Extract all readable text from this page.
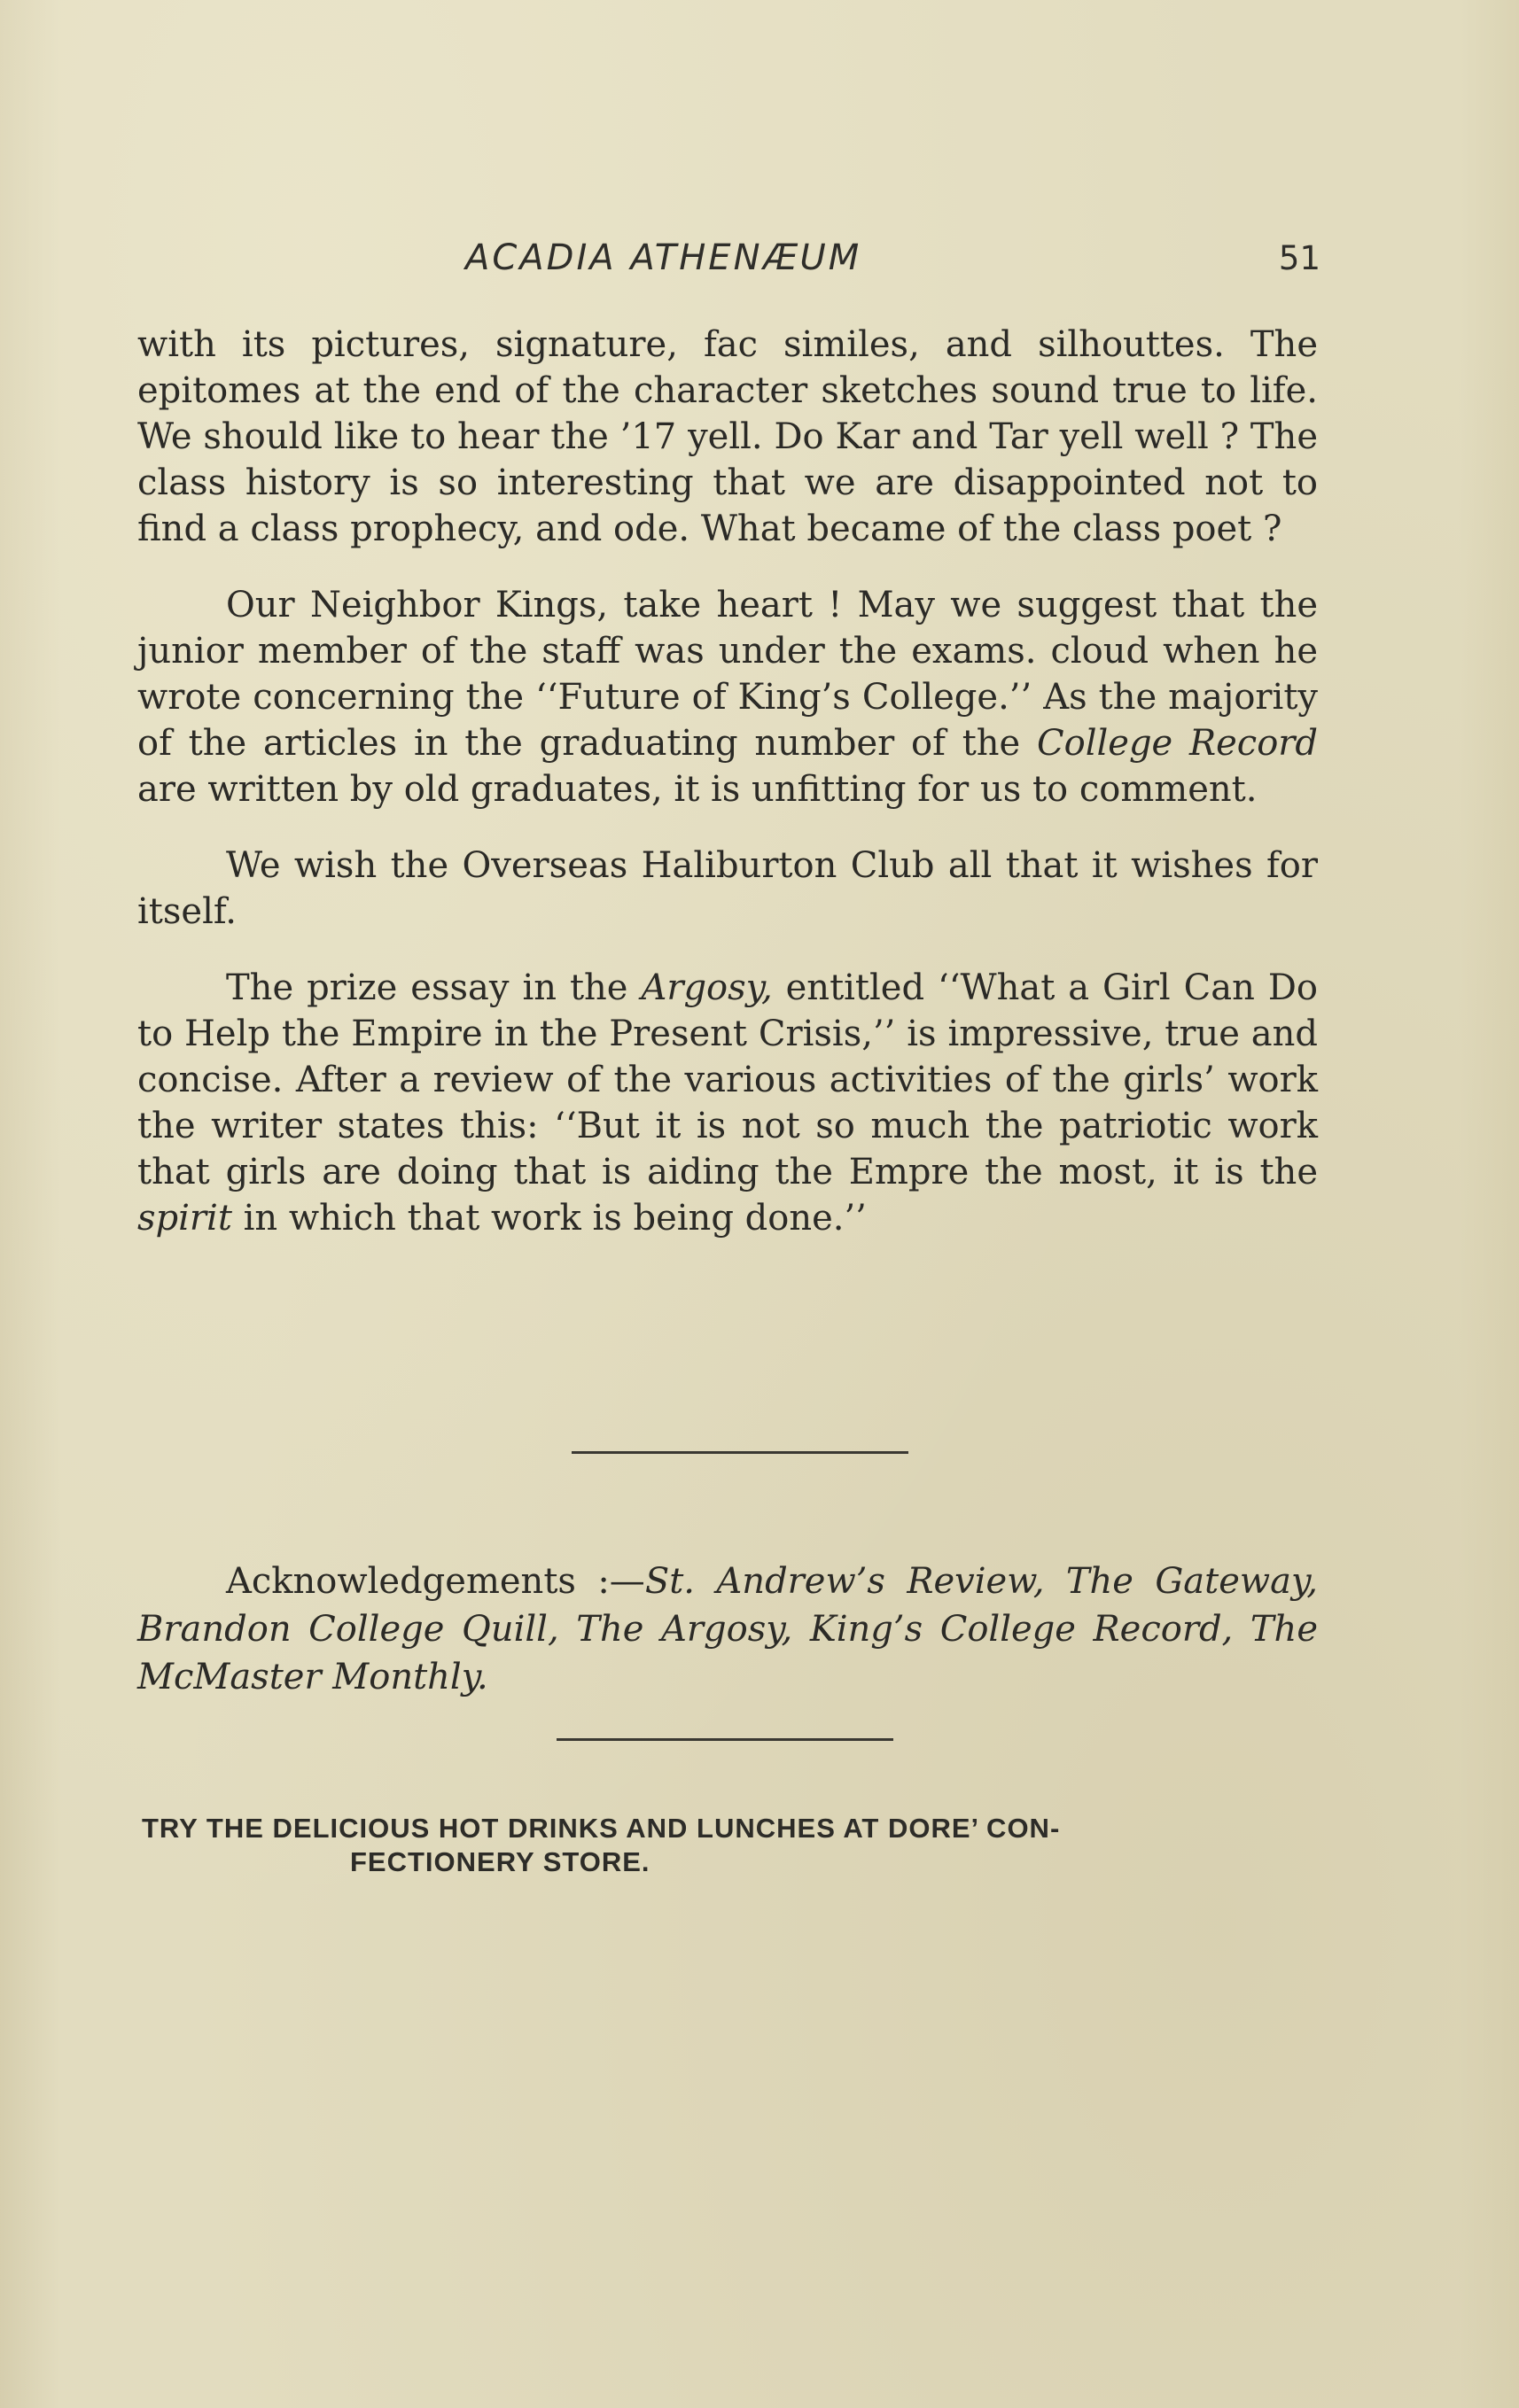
ACADIA ATHENÆUM	51

with its pictures, signature, fac similes, and silhouttes. The epitomes at the end of the character sketches sound true to life. We should like to hear the ’17 yell. Do Kar and Tar yell well ? The class history is so interesting that we are disappointed not to find a class prophecy, and ode. What became of the class poet ?

Our Neighbor Kings, take heart ! May we suggest that the junior member of the staff was under the exams. cloud when he wrote concerning the ‘‘Future of King’s College.’’ As the majority of the articles in the graduating number of the College Record are written by old graduates, it is unfitting for us to comment.

We wish the Overseas Haliburton Club all that it wishes for itself.

The prize essay in the Argosy, entitled ‘‘What a Girl Can Do to Help the Empire in the Present Crisis,’’ is impressive, true and concise. After a review of the various activities of the girls’ work the writer states this: ‘‘But it is not so much the patriotic work that girls are doing that is aiding the Empre the most, it is the spirit in which that work is being done.’’

Acknowledgements :—St. Andrew’s Review, The Gateway, Brandon College Quill, The Argosy, King’s College Record, The McMaster Monthly.

TRY THE DELICIOUS HOT DRINKS AND LUNCHES AT DORE’ CON-
FECTIONERY STORE.
